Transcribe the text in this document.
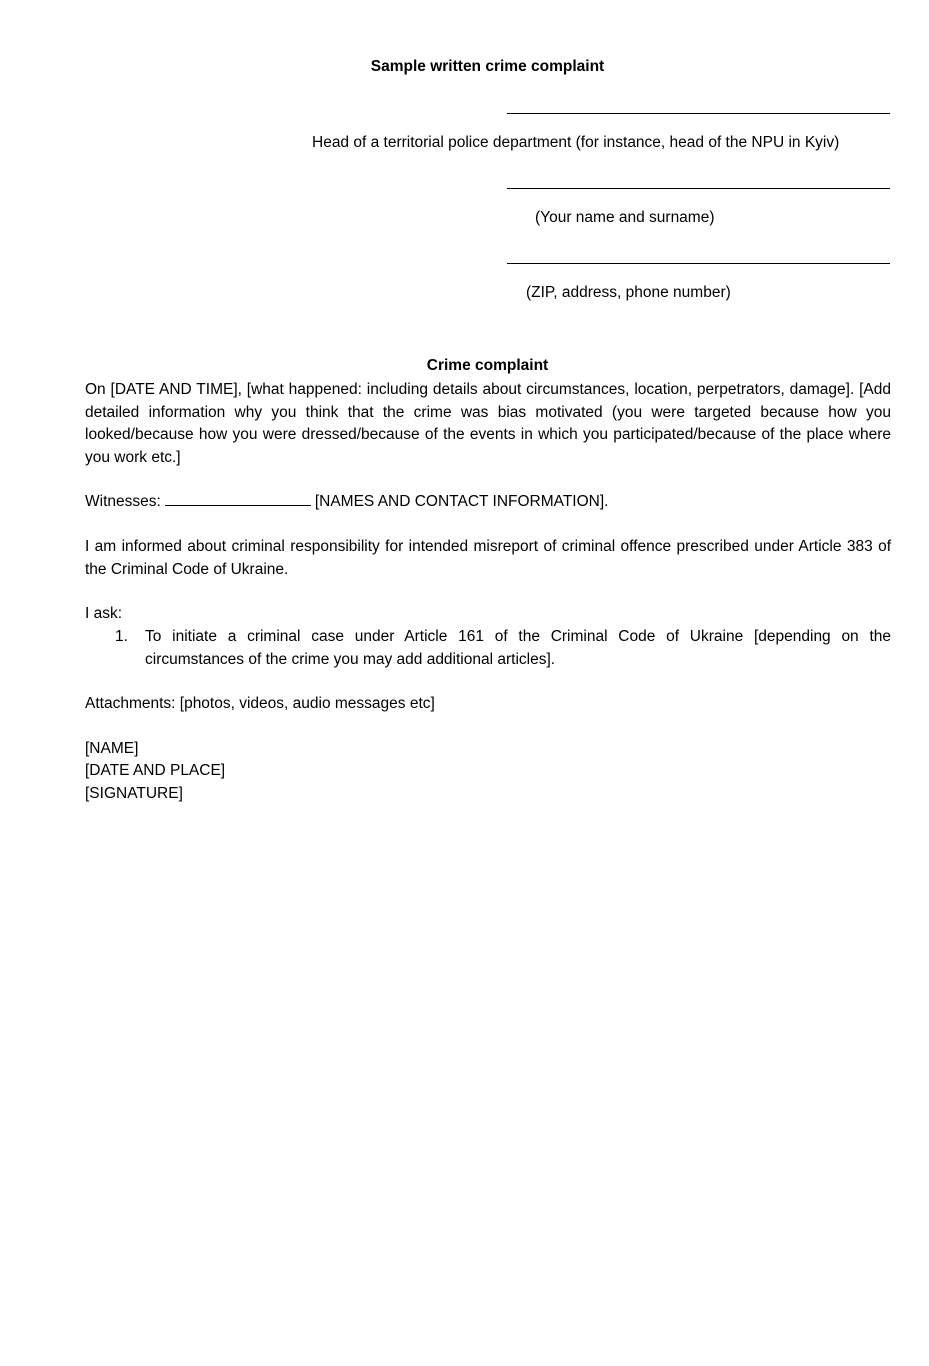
Sample written crime complaint
Head of a territorial police department (for instance, head of the NPU in Kyiv)
(Your name and surname)
(ZIP, address, phone number)
Crime complaint

On [DATE AND TIME], [what happened: including details about circumstances, location, perpetrators, damage]. [Add detailed information why you think that the crime was bias motivated (you were targeted because how you looked/because how you were dressed/because of the events in which you participated/because of the place where you work etc.]

Witnesses:	[NAMES AND CONTACT INFORMATION].

I am informed about criminal responsibility for intended misreport of criminal offence prescribed under Article 383 of the Criminal Code of Ukraine.

I ask:
1. To initiate a criminal case under Article 161 of the Criminal Code of Ukraine [depending on the circumstances of the crime you may add additional articles].

Attachments: [photos, videos, audio messages etc]
[NAME]
[DATE AND PLACE]
[SIGNATURE]
